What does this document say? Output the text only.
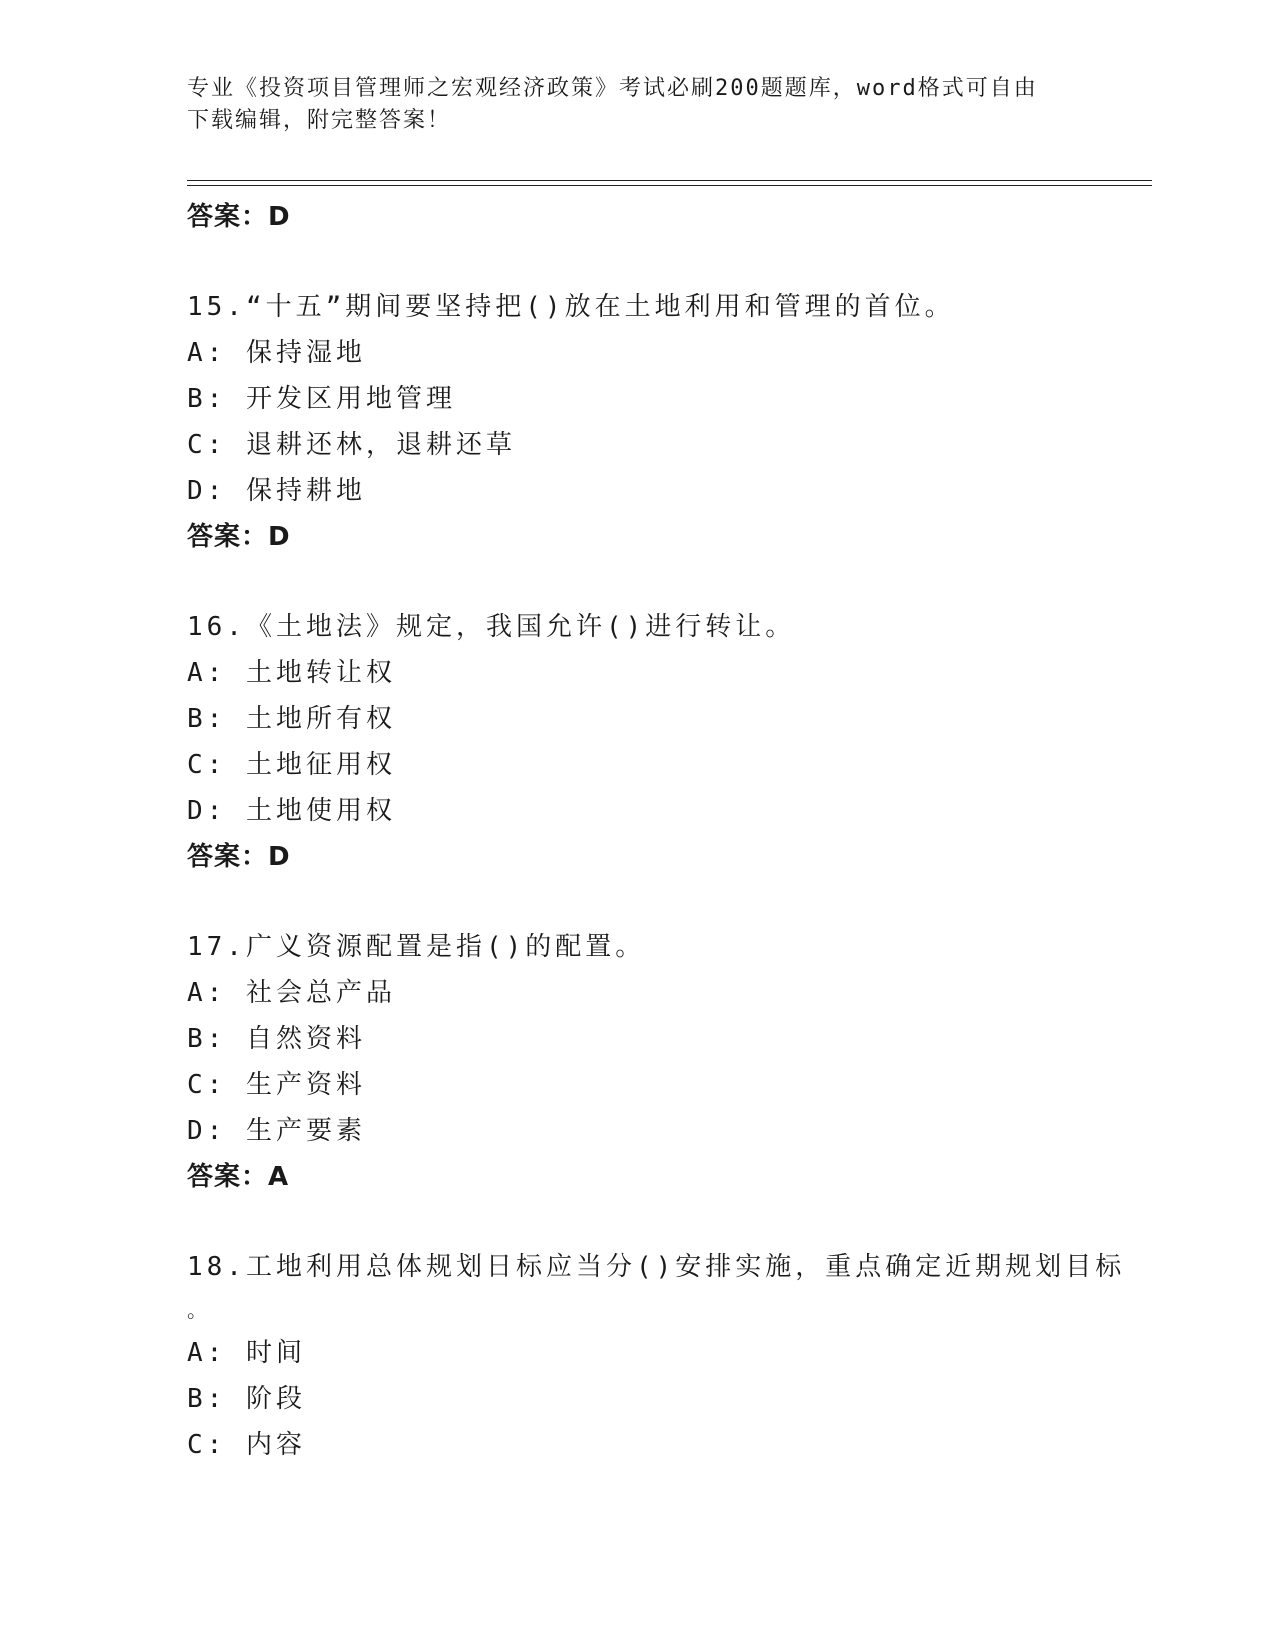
专业《投资项目管理师之宏观经济政策》考试必刷200题题库，word格式可自由
下载编辑，附完整答案！
答案：D
15.“十五”期间要坚持把()放在土地利用和管理的首位。
A: 保持湿地
B: 开发区用地管理
C: 退耕还林，退耕还草
D: 保持耕地
答案：D
16.《土地法》规定，我国允许()进行转让。
A: 土地转让权
B: 土地所有权
C: 土地征用权
D: 土地使用权
答案：D
17.广义资源配置是指()的配置。
A: 社会总产品
B: 自然资料
C: 生产资料
D: 生产要素
答案：A
18.工地利用总体规划日标应当分()安排实施，重点确定近期规划目标
。
A: 时间
B: 阶段
C: 内容
